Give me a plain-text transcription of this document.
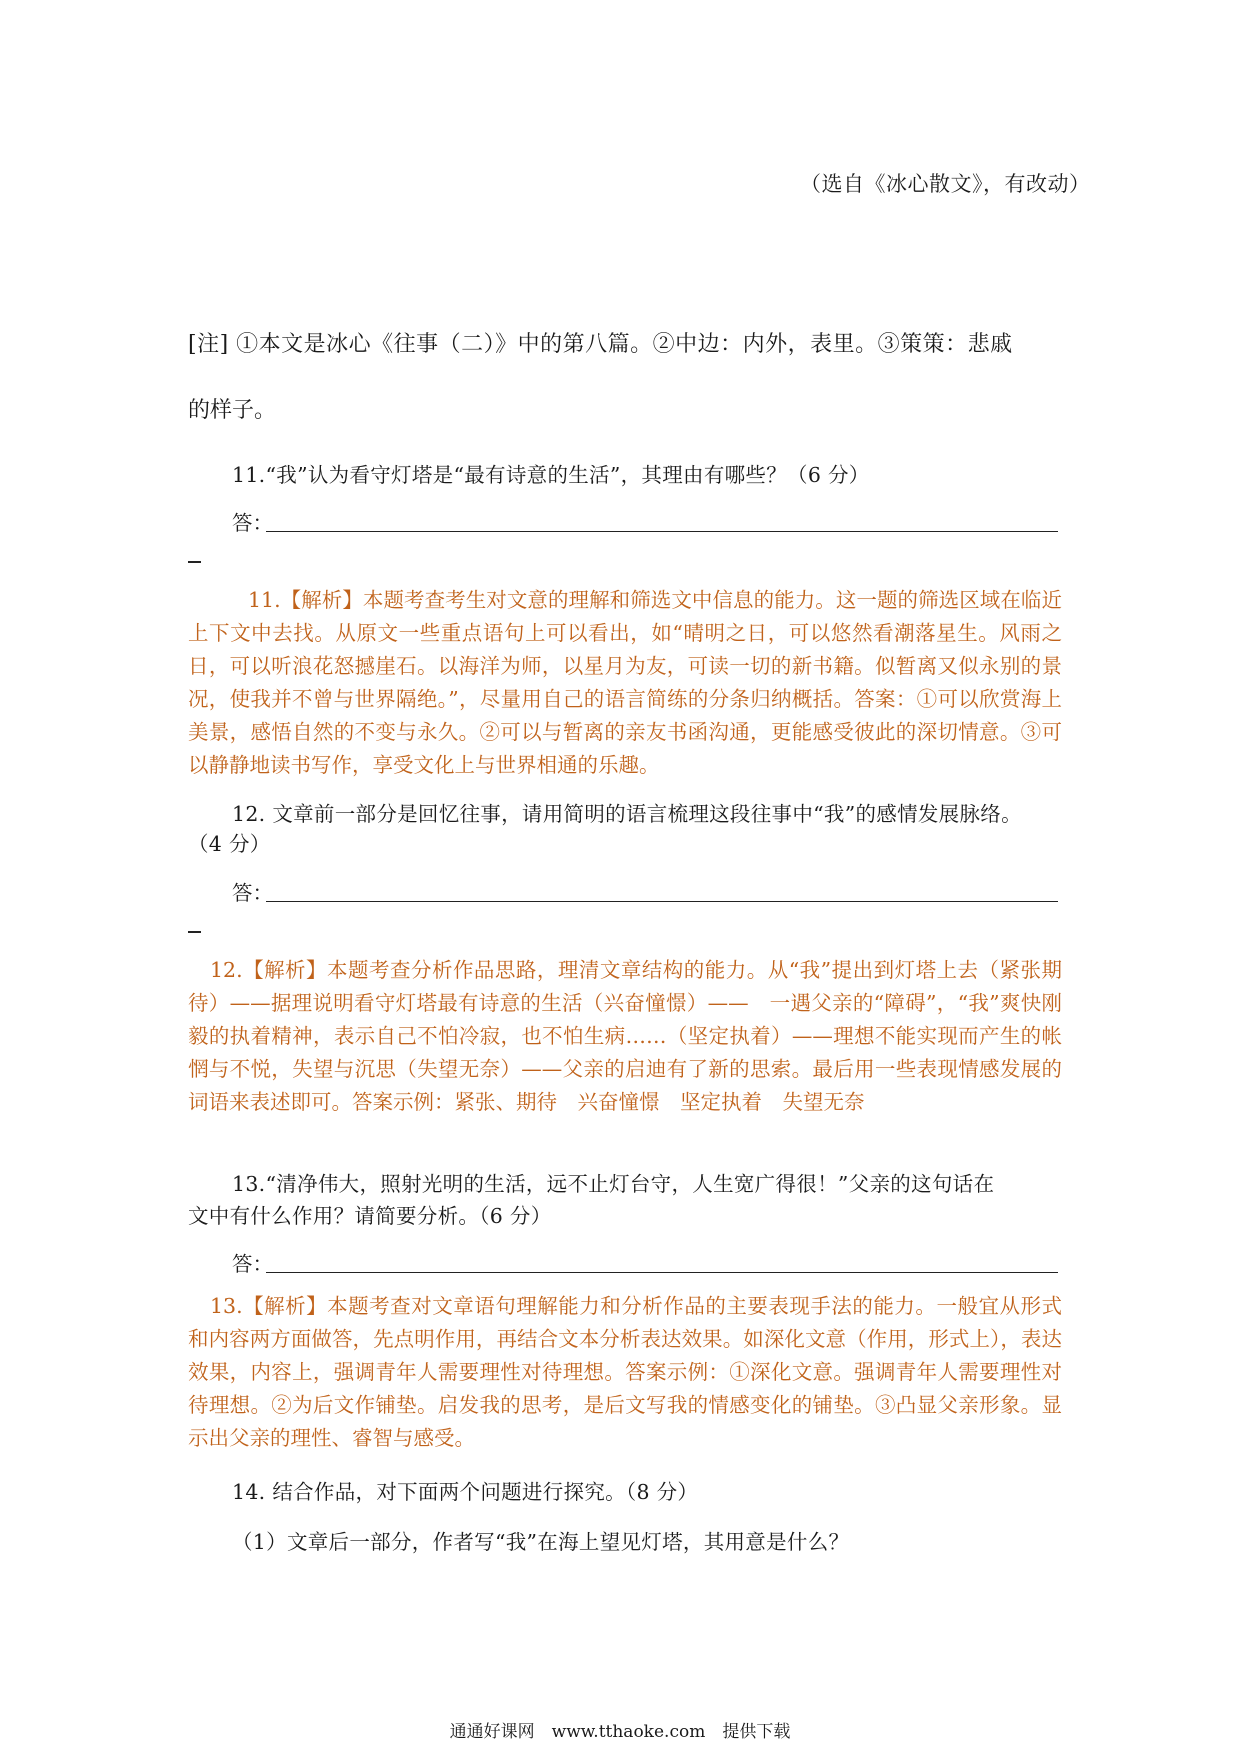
（选自《冰心散文》，有改动）
[注] ①本文是冰心《往事（二）》中的第八篇。②中边：内外，表里。③策策：悲戚
的样子。
11.“我”认为看守灯塔是“最有诗意的生活”，其理由有哪些？（6 分）
答：

11.【解析】本题考查考生对文意的理解和筛选文中信息的能力。这一题的筛选区域在临近上下文中去找。从原文一些重点语句上可以看出，如“晴明之日，可以悠然看潮落星生。风雨之日，可以听浪花怒撼崖石。以海洋为师，以星月为友，可读一切的新书籍。似暂离又似永别的景况，使我并不曾与世界隔绝。”，尽量用自己的语言简练的分条归纳概括。答案：①可以欣赏海上美景，感悟自然的不变与永久。②可以与暂离的亲友书函沟通，更能感受彼此的深切情意。③可以静静地读书写作，享受文化上与世界相通的乐趣。

12. 文章前一部分是回忆往事，请用简明的语言梳理这段往事中“我”的感情发展脉络。
（4 分）
答：

12.【解析】本题考查分析作品思路，理清文章结构的能力。从“我”提出到灯塔上去（紧张期待）——据理说明看守灯塔最有诗意的生活（兴奋憧憬）——　一遇父亲的“障碍”，“我”爽快刚毅的执着精神，表示自己不怕冷寂，也不怕生病……（坚定执着）——理想不能实现而产生的帐惘与不悦，失望与沉思（失望无奈）——父亲的启迪有了新的思索。最后用一些表现情感发展的词语来表述即可。答案示例：紧张、期待　兴奋憧憬　坚定执着　失望无奈

13.“清净伟大，照射光明的生活，远不止灯台守，人生宽广得很！”父亲的这句话在
文中有什么作用？请简要分析。（6 分）
答：

13.【解析】本题考查对文章语句理解能力和分析作品的主要表现手法的能力。一般宜从形式和内容两方面做答，先点明作用，再结合文本分析表达效果。如深化文意（作用，形式上），表达效果，内容上，强调青年人需要理性对待理想。答案示例：①深化文意。强调青年人需要理性对待理想。②为后文作铺垫。启发我的思考，是后文写我的情感变化的铺垫。③凸显父亲形象。显示出父亲的理性、睿智与感受。

14. 结合作品，对下面两个问题进行探究。（8 分）
（1）文章后一部分，作者写“我”在海上望见灯塔，其用意是什么？
通通好课网　www.tthaoke.com　提供下载
